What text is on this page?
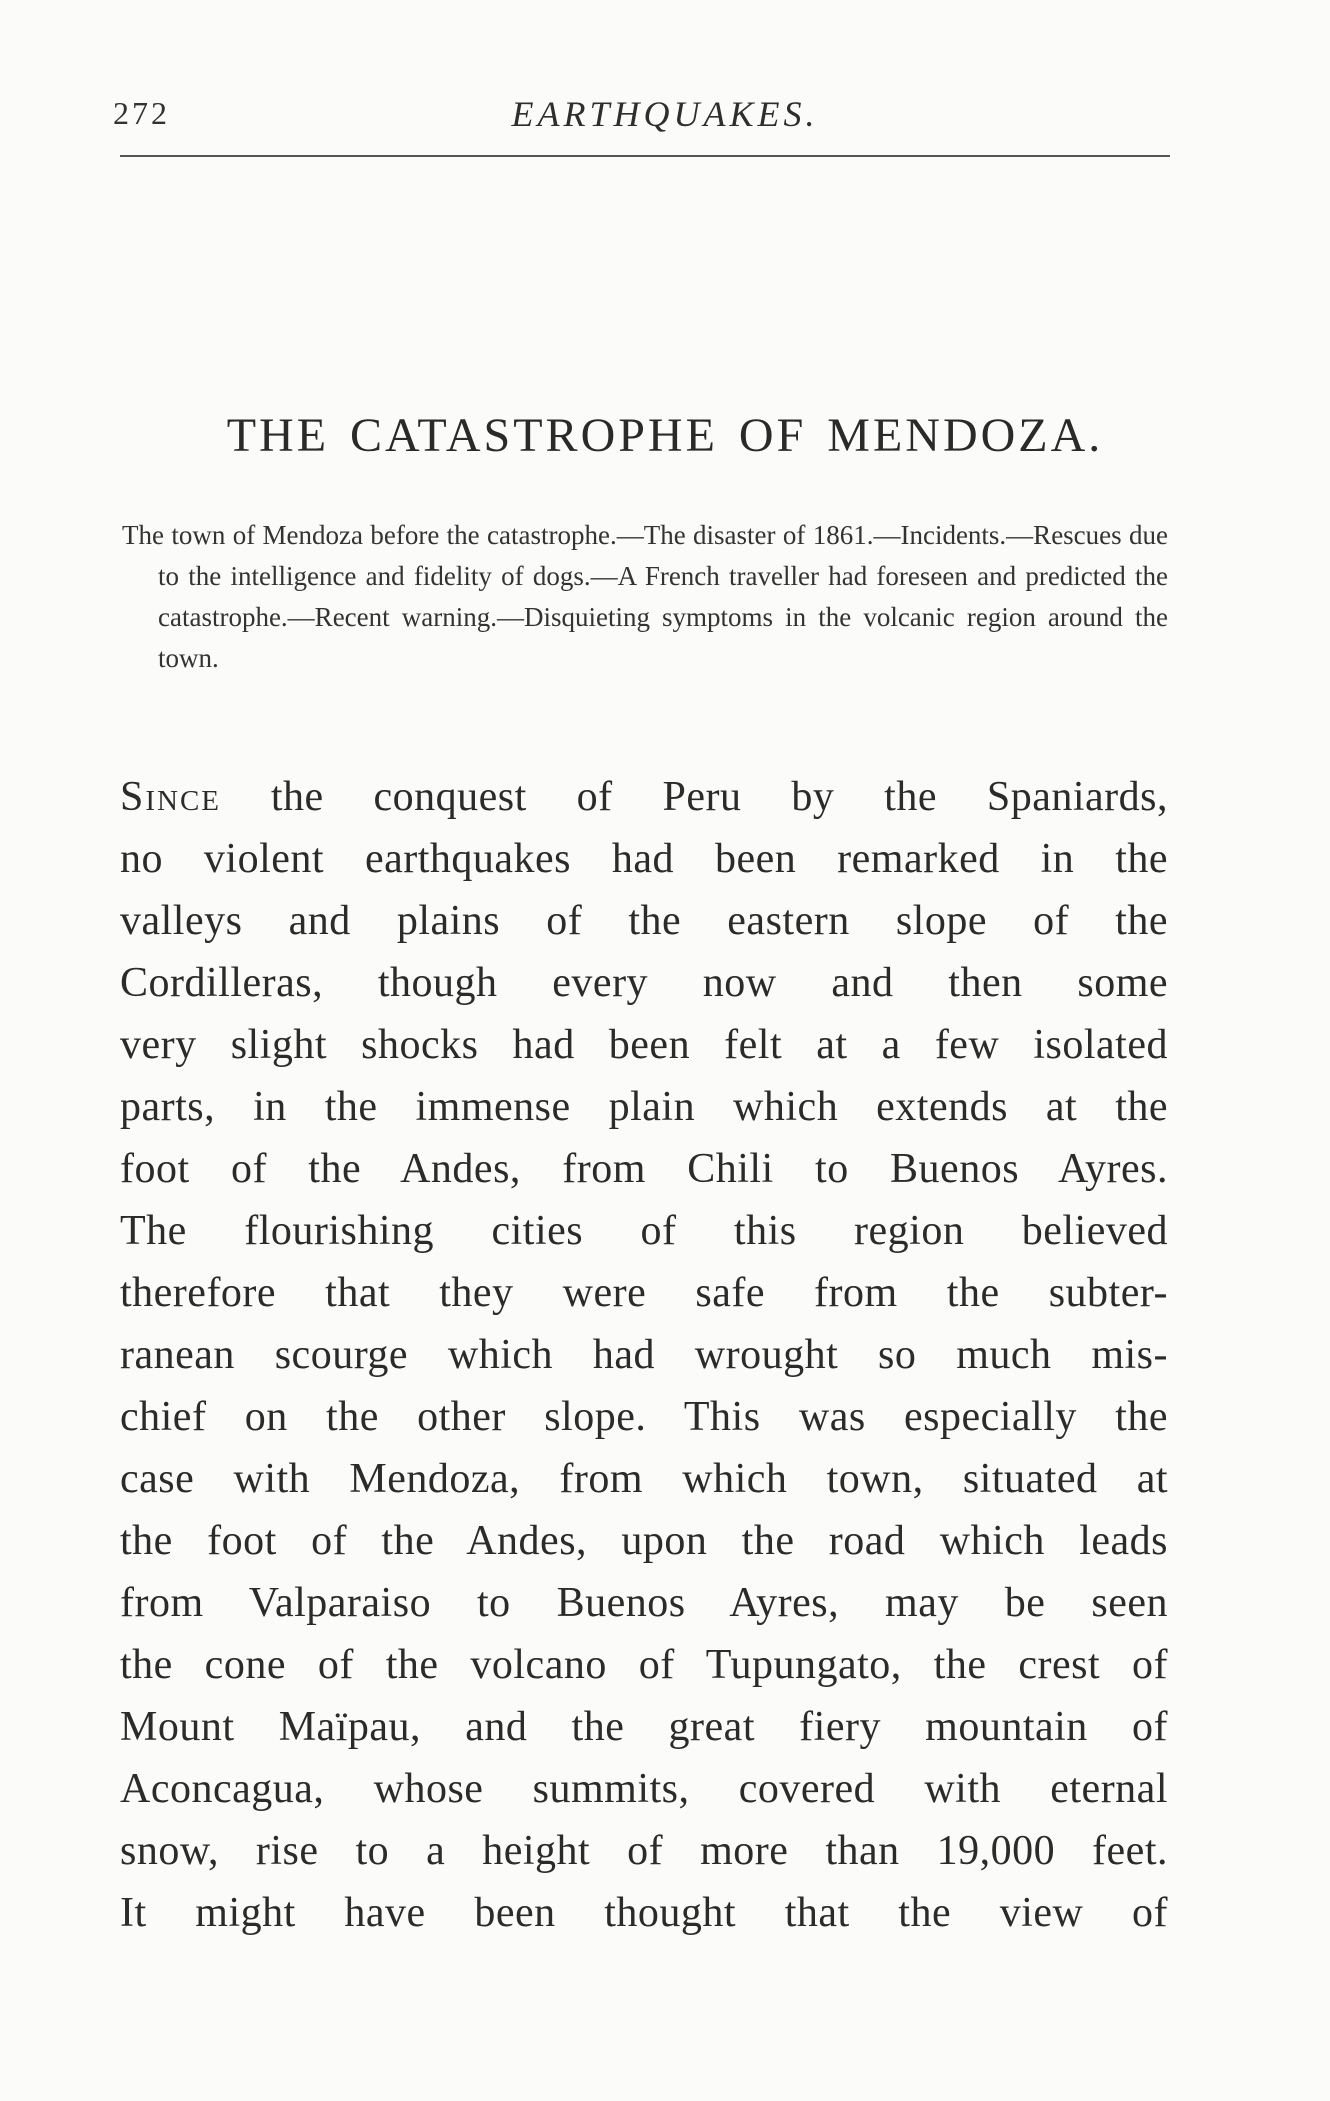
272	EARTHQUAKES.
THE CATASTROPHE OF MENDOZA.

The town of Mendoza before the catastrophe.—The disaster of 1861.—Incidents.—Rescues due to the intelligence and fidelity of dogs.—A French traveller had foreseen and predicted the catastrophe.—Recent warning.—Disquieting symptoms in the volcanic region around the town.

Since the conquest of Peru by the Spaniards,
no violent earthquakes had been remarked in the
valleys and plains of the eastern slope of the
Cordilleras, though every now and then some
very slight shocks had been felt at a few isolated
parts, in the immense plain which extends at the
foot of the Andes, from Chili to Buenos Ayres.
The flourishing cities of this region believed
therefore that they were safe from the subter-
ranean scourge which had wrought so much mis-
chief on the other slope. This was especially the
case with Mendoza, from which town, situated at
the foot of the Andes, upon the road which leads
from Valparaiso to Buenos Ayres, may be seen
the cone of the volcano of Tupungato, the crest of
Mount Maïpau, and the great fiery mountain of
Aconcagua, whose summits, covered with eternal
snow, rise to a height of more than 19,000 feet.
It might have been thought that the view of
